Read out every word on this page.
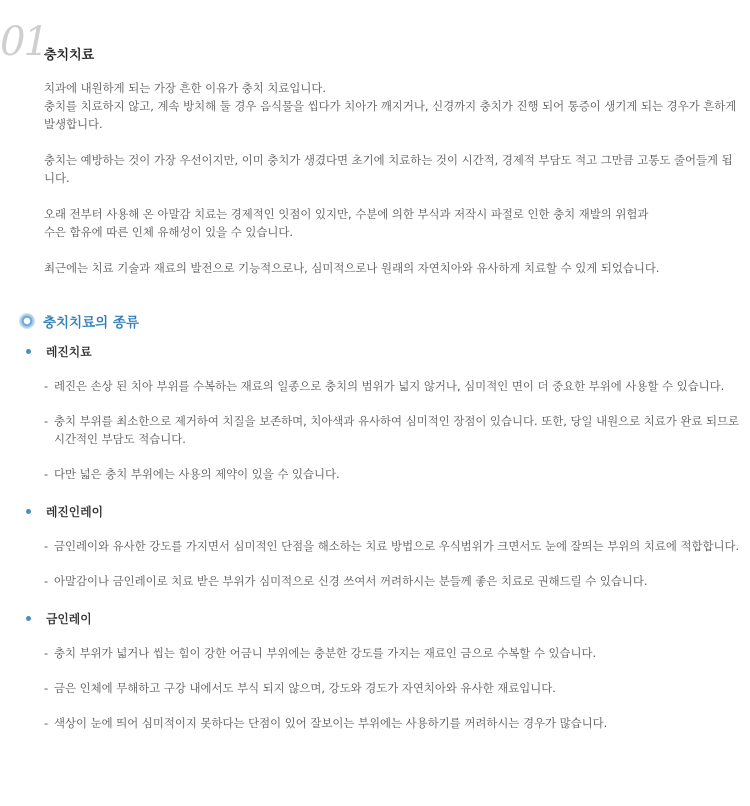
01
충치치료

치과에 내원하게 되는 가장 흔한 이유가 충치 치료입니다.
충치를 치료하지 않고, 계속 방치해 둘 경우 음식물을 씹다가 치아가 깨지거나, 신경까지 충치가 진행 되어 통증이 생기게 되는 경우가 흔하게 발생합니다.

충치는 예방하는 것이 가장 우선이지만, 이미 충치가 생겼다면 초기에 치료하는 것이 시간적, 경제적 부담도 적고 그만큼 고통도 줄어들게 됩니다.

오래 전부터 사용해 온 아말감 치료는 경제적인 잇점이 있지만, 수분에 의한 부식과 저작시 파절로 인한 충치 재발의 위험과
수은 함유에 따른 인체 유해성이 있을 수 있습니다.

최근에는 치료 기술과 재료의 발전으로 기능적으로나, 심미적으로나 원래의 자연치아와 유사하게 치료할 수 있게 되었습니다.

충치치료의 종류
레진치료
- 레진은 손상 된 치아 부위를 수복하는 재료의 일종으로 충치의 범위가 넓지 않거나, 심미적인 면이 더 중요한 부위에 사용할 수 있습니다.
- 충치 부위를 최소한으로 제거하여 치질을 보존하며, 치아색과 유사하여 심미적인 장점이 있습니다. 또한, 당일 내원으로 치료가 완료 되므로 시간적인 부담도 적습니다.
- 다만 넓은 충치 부위에는 사용의 제약이 있을 수 있습니다.
레진인레이
- 금인레이와 유사한 강도를 가지면서 심미적인 단점을 해소하는 치료 방법으로 우식범위가 크면서도 눈에 잘띄는 부위의 치료에 적합합니다.
- 아말감이나 금인레이로 치료 받은 부위가 심미적으로 신경 쓰여서 꺼려하시는 분들께 좋은 치료로 권해드릴 수 있습니다.
금인레이
- 충치 부위가 넓거나 씹는 힘이 강한 어금니 부위에는 충분한 강도를 가지는 재료인 금으로 수복할 수 있습니다.
- 금은 인체에 무해하고 구강 내에서도 부식 되지 않으며, 강도와 경도가 자연치아와 유사한 재료입니다.
- 색상이 눈에 띄어 심미적이지 못하다는 단점이 있어 잘보이는 부위에는 사용하기를 꺼려하시는 경우가 많습니다.
